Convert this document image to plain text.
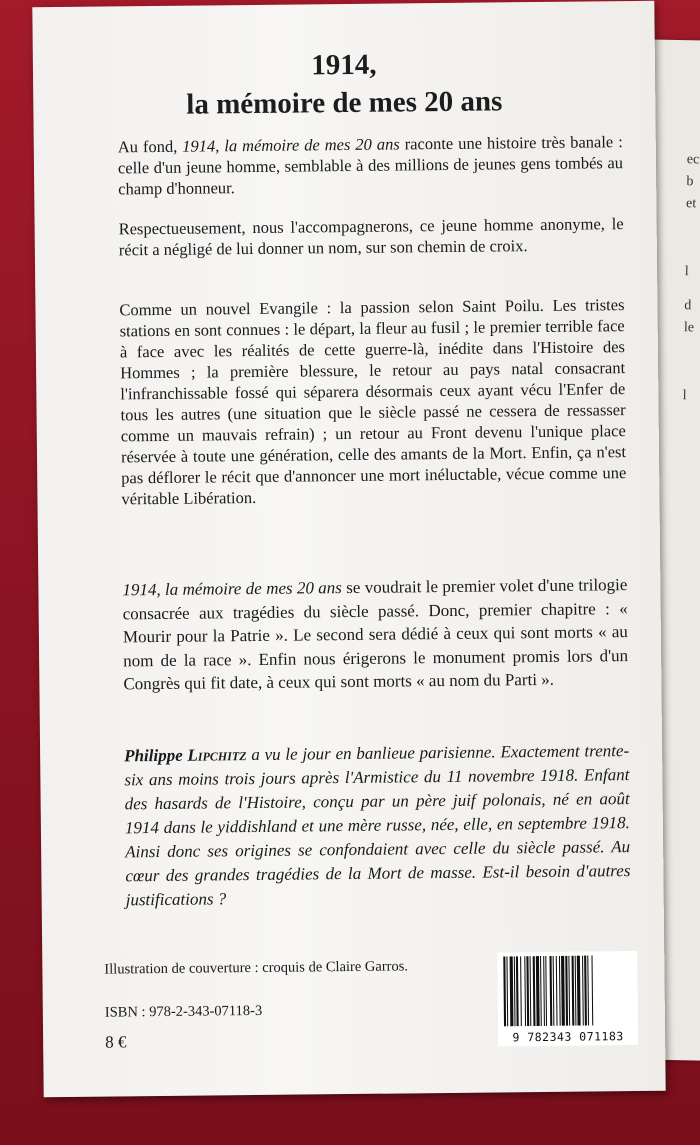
ec
b
et
l
d
le
l
1914,
la mémoire de mes 20 ans
Au fond, 1914, la mémoire de mes 20 ans raconte une histoire très banale : celle d'un jeune homme, semblable à des millions de jeunes gens tombés au champ d'honneur.
Respectueusement, nous l'accompagnerons, ce jeune homme anonyme, le récit a négligé de lui donner un nom, sur son chemin de croix.
Comme un nouvel Evangile : la passion selon Saint Poilu. Les tristes stations en sont connues : le départ, la fleur au fusil ; le premier terrible face à face avec les réalités de cette guerre-là, inédite dans l'Histoire des Hommes ; la première blessure, le retour au pays natal consacrant l'infranchissable fossé qui séparera désormais ceux ayant vécu l'Enfer de tous les autres (une situation que le siècle passé ne cessera de ressasser comme un mauvais refrain) ; un retour au Front devenu l'unique place réservée à toute une génération, celle des amants de la Mort. Enfin, ça n'est pas déflorer le récit que d'annoncer une mort inéluctable, vécue comme une véritable Libération.
1914, la mémoire de mes 20 ans se voudrait le premier volet d'une trilogie consacrée aux tragédies du siècle passé. Donc, premier chapitre : « Mourir pour la Patrie ». Le second sera dédié à ceux qui sont morts « au nom de la race ». Enfin nous érigerons le monument promis lors d'un Congrès qui fit date, à ceux qui sont morts « au nom du Parti ».
Philippe Lipchitz a vu le jour en banlieue parisienne. Exactement trente-six ans moins trois jours après l'Armistice du 11 novembre 1918. Enfant des hasards de l'Histoire, conçu par un père juif polonais, né en août 1914 dans le yiddishland et une mère russe, née, elle, en septembre 1918. Ainsi donc ses origines se confondaient avec celle du siècle passé. Au cœur des grandes tragédies de la Mort de masse. Est-il besoin d'autres justifications ?
Illustration de couverture : croquis de Claire Garros.
ISBN : 978-2-343-07118-3
8 €	9 782343 071183
